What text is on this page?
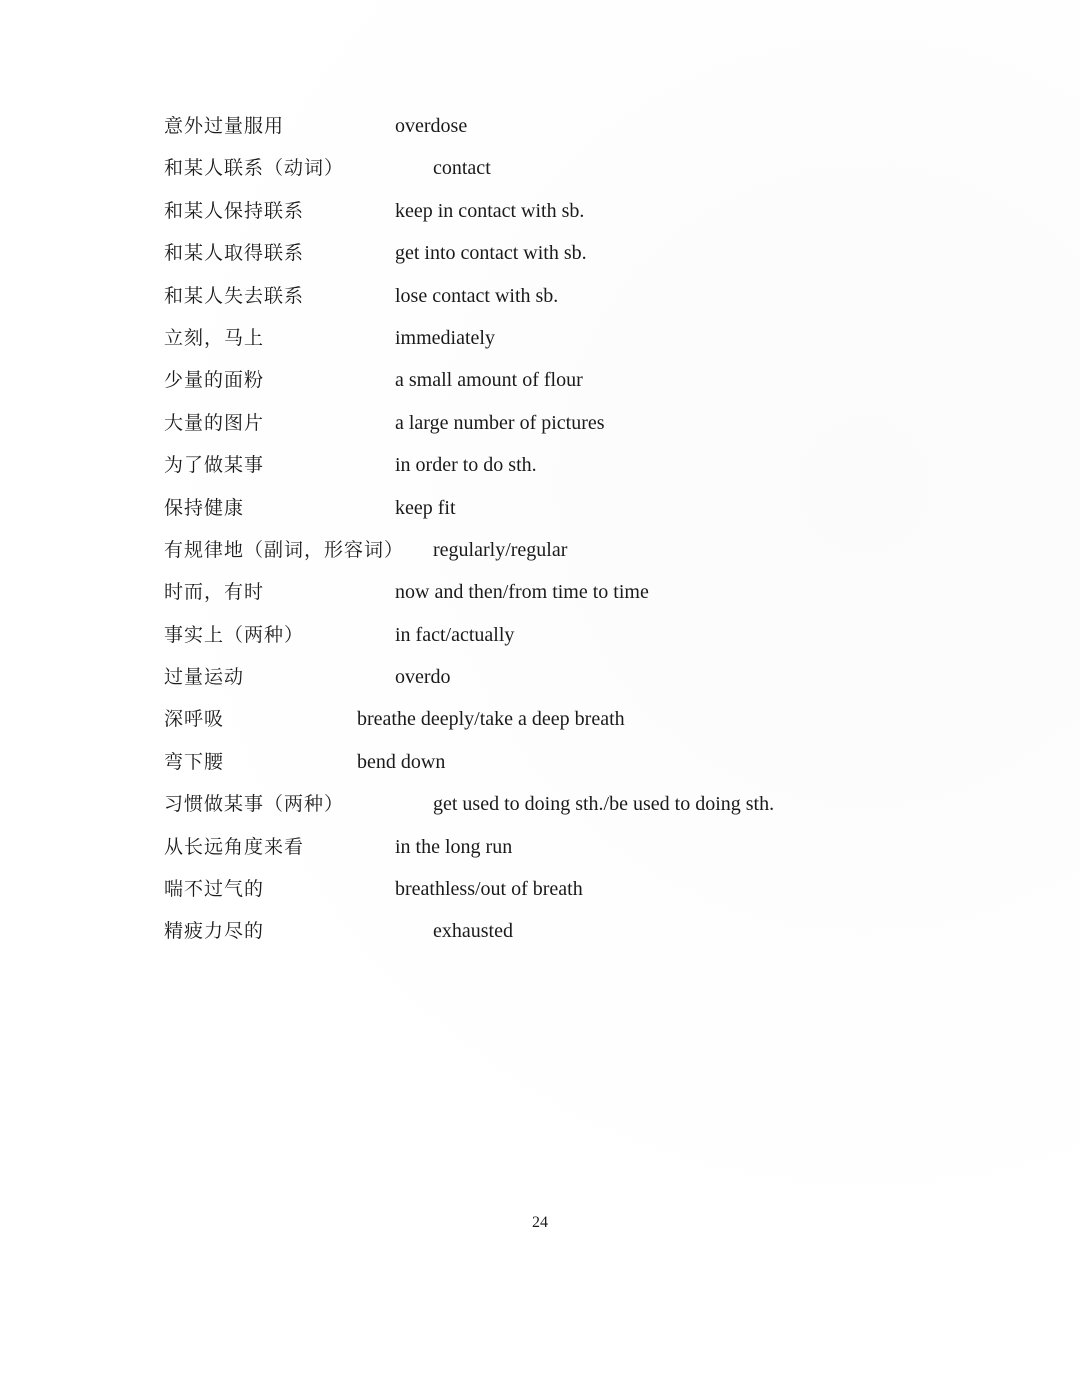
意外过量服用	overdose
和某人联系（动词）	contact
和某人保持联系	keep in contact with sb.
和某人取得联系	get into contact with sb.
和某人失去联系	lose contact with sb.
立刻，马上	immediately
少量的面粉	a small amount of flour
大量的图片	a large number of pictures
为了做某事	in order to do sth.
保持健康	keep fit
有规律地（副词，形容词） regularly/regular
时而，有时	now and then/from time to time
事实上（两种）	in fact/actually
过量运动	overdo
深呼吸	breathe deeply/take a deep breath
弯下腰	bend down
习惯做某事（两种）	get used to doing sth./be used to doing sth.
从长远角度来看	in the long run
喘不过气的	breathless/out of breath
精疲力尽的	exhausted
24
